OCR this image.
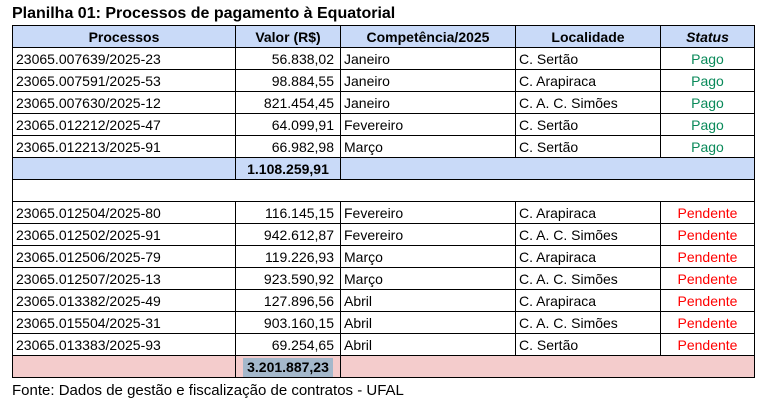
Planilha 01: Processos de pagamento à Equatorial
Processos	Valor (R$)	Competência/2025	Localidade	Status
23065.007639/2025-23	56.838,02	Janeiro	C. Sertão	Pago
23065.007591/2025-53	98.884,55	Janeiro	C. Arapiraca	Pago
23065.007630/2025-12	821.454,45	Janeiro	C. A. C. Simões	Pago
23065.012212/2025-47	64.099,91	Fevereiro	C. Sertão	Pago
23065.012213/2025-91	66.982,98	Março	C. Sertão	Pago
	1.108.259,91			

23065.012504/2025-80	116.145,15	Fevereiro	C. Arapiraca	Pendente
23065.012502/2025-91	942.612,87	Fevereiro	C. A. C. Simões	Pendente
23065.012506/2025-79	119.226,93	Março	C. Arapiraca	Pendente
23065.012507/2025-13	923.590,92	Março	C. A. C. Simões	Pendente
23065.013382/2025-49	127.896,56	Abril	C. Arapiraca	Pendente
23065.015504/2025-31	903.160,15	Abril	C. A. C. Simões	Pendente
23065.013383/2025-93	69.254,65	Abril	C. Sertão	Pendente
	3.201.887,23			
Fonte: Dados de gestão e fiscalização de contratos - UFAL
